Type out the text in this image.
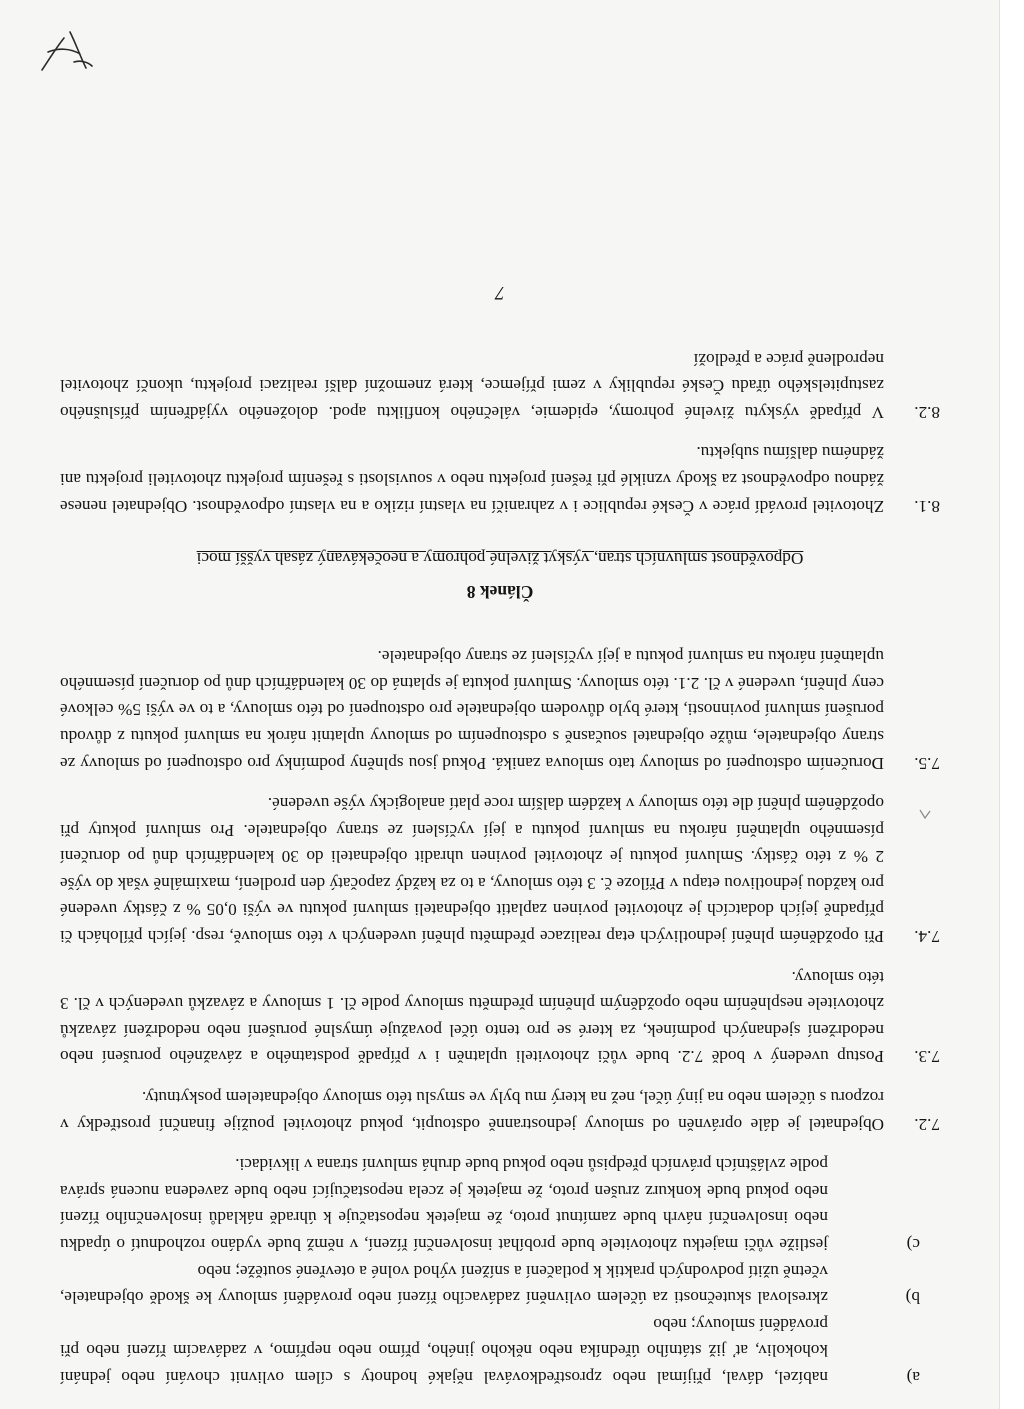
a)

nabízel, dával, přijímal nebo zprostředkovával nějaké hodnoty s cílem ovlivnit chování nebo jednání kohokoliv, ať již státního úředníka nebo někoho jiného, přímo nebo nepřímo, v zadávacím řízení nebo při provádění smlouvy; nebo

b)

zkresloval skutečnosti za účelem ovlivnění zadávacího řízení nebo provádění smlouvy ke škodě objednatele, včetně užití podvodných praktik k potlačení a snížení výhod volné a otevřené soutěže; nebo

c)

jestliže vůči majetku zhotovitele bude probíhat insolvenční řízení, v němž bude vydáno rozhodnutí o úpadku nebo insolvenční návrh bude zamítnut proto, že majetek nepostačuje k úhradě nákladů insolvenčního řízení nebo pokud bude konkurz zrušen proto, že majetek je zcela nepostačující nebo bude zavedena nucená správa podle zvláštních právních předpisů nebo pokud bude druhá smluvní strana v likvidaci.

7.2.

Objednatel je dále oprávněn od smlouvy jednostranně odstoupit, pokud zhotovitel použije finanční prostředky v rozporu s účelem nebo na jiný účel, než na který mu byly ve smyslu této smlouvy objednatelem poskytnuty.

7.3.

Postup uvedený v bodě 7.2. bude vůči zhotoviteli uplatněn i v případě podstatného a závažného porušení nebo nedodržení sjednaných podmínek, za které se pro tento účel považuje úmyslné porušení nebo nedodržení závazků zhotovitele nesplněním nebo opožděným plněním předmětu smlouvy podle čl. 1 smlouvy a závazků uvedených v čl. 3 této smlouvy.

7.4.

Při opožděném plnění jednotlivých etap realizace předmětu plnění uvedených v této smlouvě, resp. jejích přílohách či případně jejích dodatcích je zhotovitel povinen zaplatit objednateli smluvní pokutu ve výši 0,05 % z částky uvedené pro každou jednotlivou etapu v Příloze č. 3 této smlouvy, a to za každý započatý den prodlení, maximálně však do výše 2 % z této částky. Smluvní pokutu je zhotovitel povinen uhradit objednateli do 30 kalendářních dnů po doručení písemného uplatnění nároku na smluvní pokutu a její vyčíslení ze strany objednatele. Pro smluvní pokuty při opožděném plnění dle této smlouvy v každém dalším roce platí analogicky výše uvedené.

7.5.

Doručením odstoupení od smlouvy tato smlouva zaniká. Pokud jsou splněny podmínky pro odstoupení od smlouvy ze strany objednatele, může objednatel současně s odstoupením od smlouvy uplatnit nárok na smluvní pokutu z důvodu porušení smluvní povinnosti, které bylo důvodem objednatele pro odstoupení od této smlouvy, a to ve výši 5% celkové ceny plnění, uvedené v čl. 2.1. této smlouvy. Smluvní pokuta je splatná do 30 kalendářních dnů po doručení písemného uplatnění nároku na smluvní pokutu a její vyčíslení ze strany objednatele.

Článek 8

Odpovědnost smluvních stran, výskyt živelné pohromy a neočekávaný zásah vyšší moci

8.1.

Zhotovitel provádí práce v České republice i v zahraničí na vlastní riziko a na vlastní odpovědnost. Objednatel nenese žádnou odpovědnost za škody vzniklé při řešení projektu nebo v souvislosti s řešením projektu zhotoviteli projektu ani žádnému dalšímu subjektu.

8.2.

V případě výskytu živelné pohromy, epidemie, válečného konfliktu apod. doloženého vyjádřením příslušného zastupitelského úřadu České republiky v zemi příjemce, která znemožní další realizaci projektu, ukončí zhotovitel neprodleně práce a předloží

7
